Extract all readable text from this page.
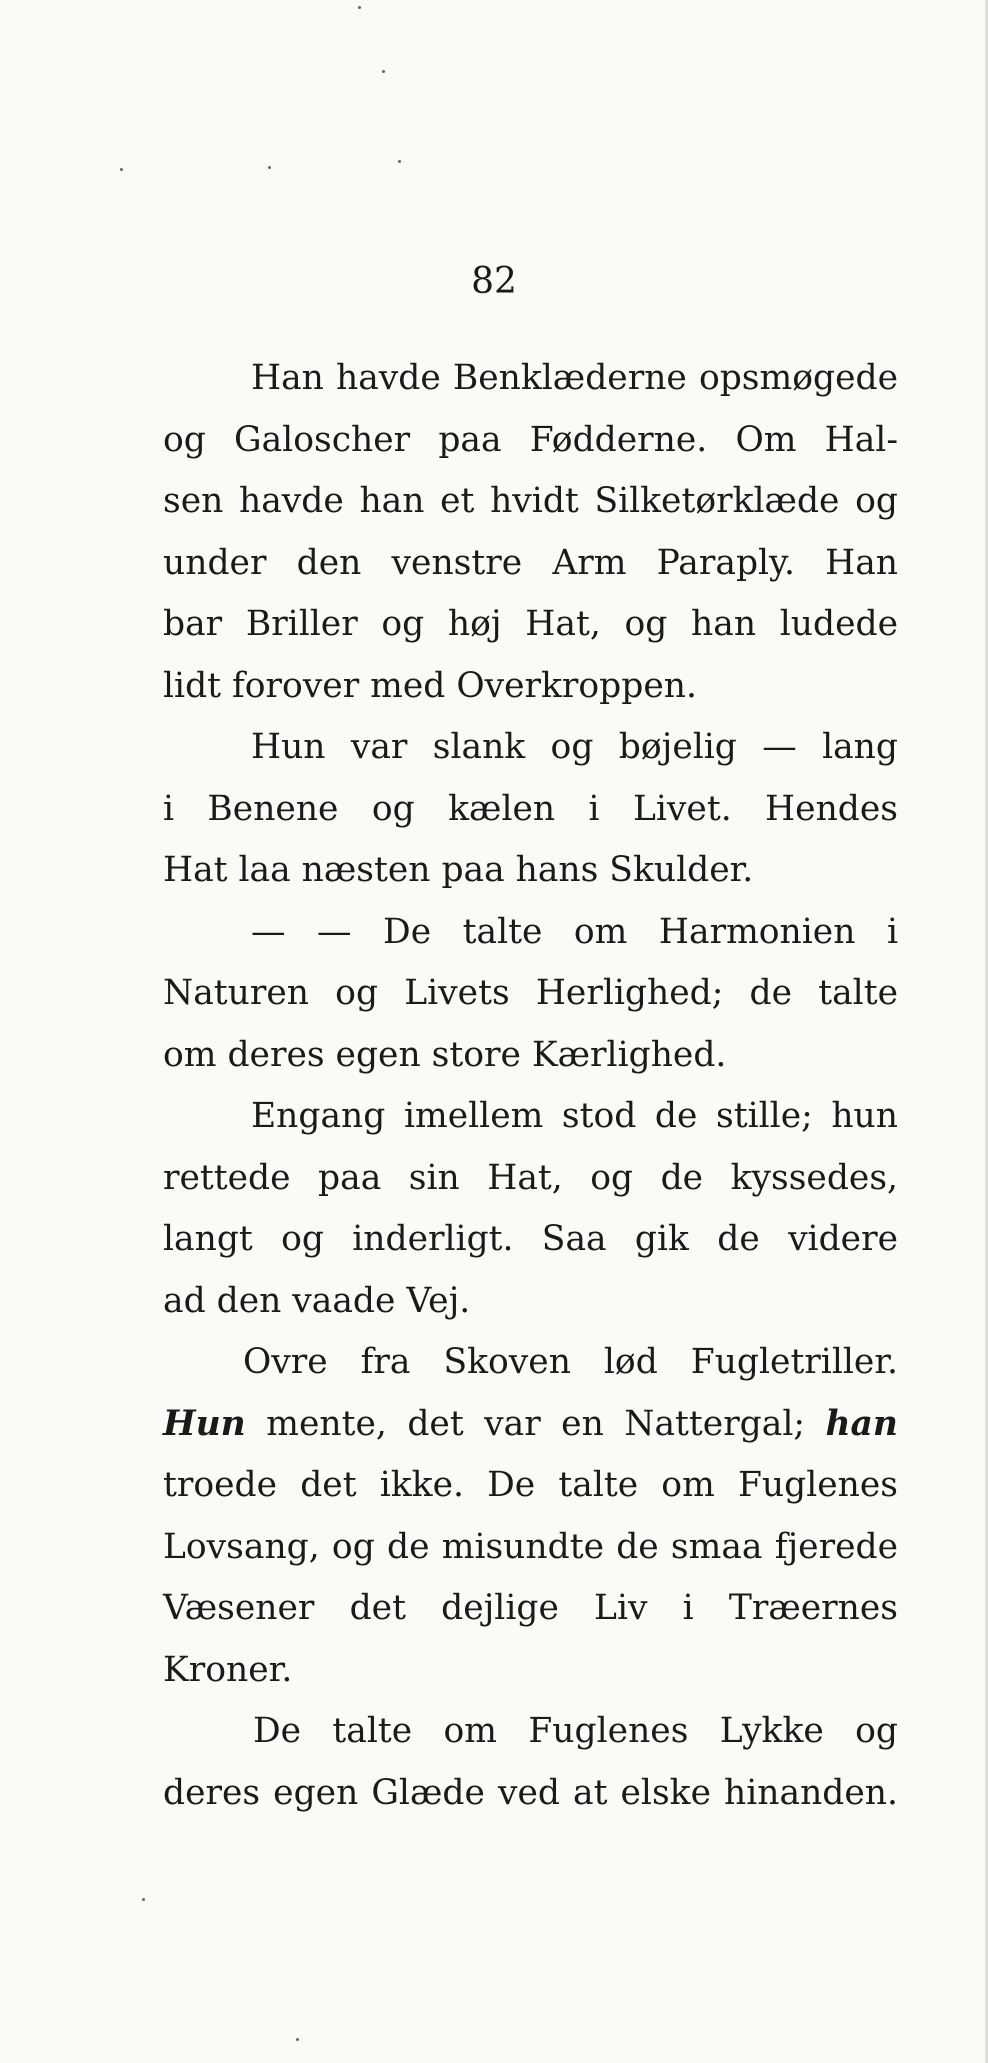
82

Han havde Benklæderne opsmøgede
og Galoscher paa Fødderne. Om Hal-
sen havde han et hvidt Silketørklæde og
under den venstre Arm Paraply. Han
bar Briller og høj Hat, og han ludede
lidt forover med Overkroppen.

Hun var slank og bøjelig — lang
i Benene og kælen i Livet. Hendes
Hat laa næsten paa hans Skulder.

— — De talte om Harmonien i
Naturen og Livets Herlighed; de talte
om deres egen store Kærlighed.

Engang imellem stod de stille; hun
rettede paa sin Hat, og de kyssedes,
langt og inderligt. Saa gik de videre
ad den vaade Vej.

Ovre fra Skoven lød Fugletriller.
Hun mente, det var en Nattergal; han
troede det ikke. De talte om Fuglenes
Lovsang, og de misundte de smaa fjerede
Væsener det dejlige Liv i Træernes
Kroner.

De talte om Fuglenes Lykke og
deres egen Glæde ved at elske hinanden.
